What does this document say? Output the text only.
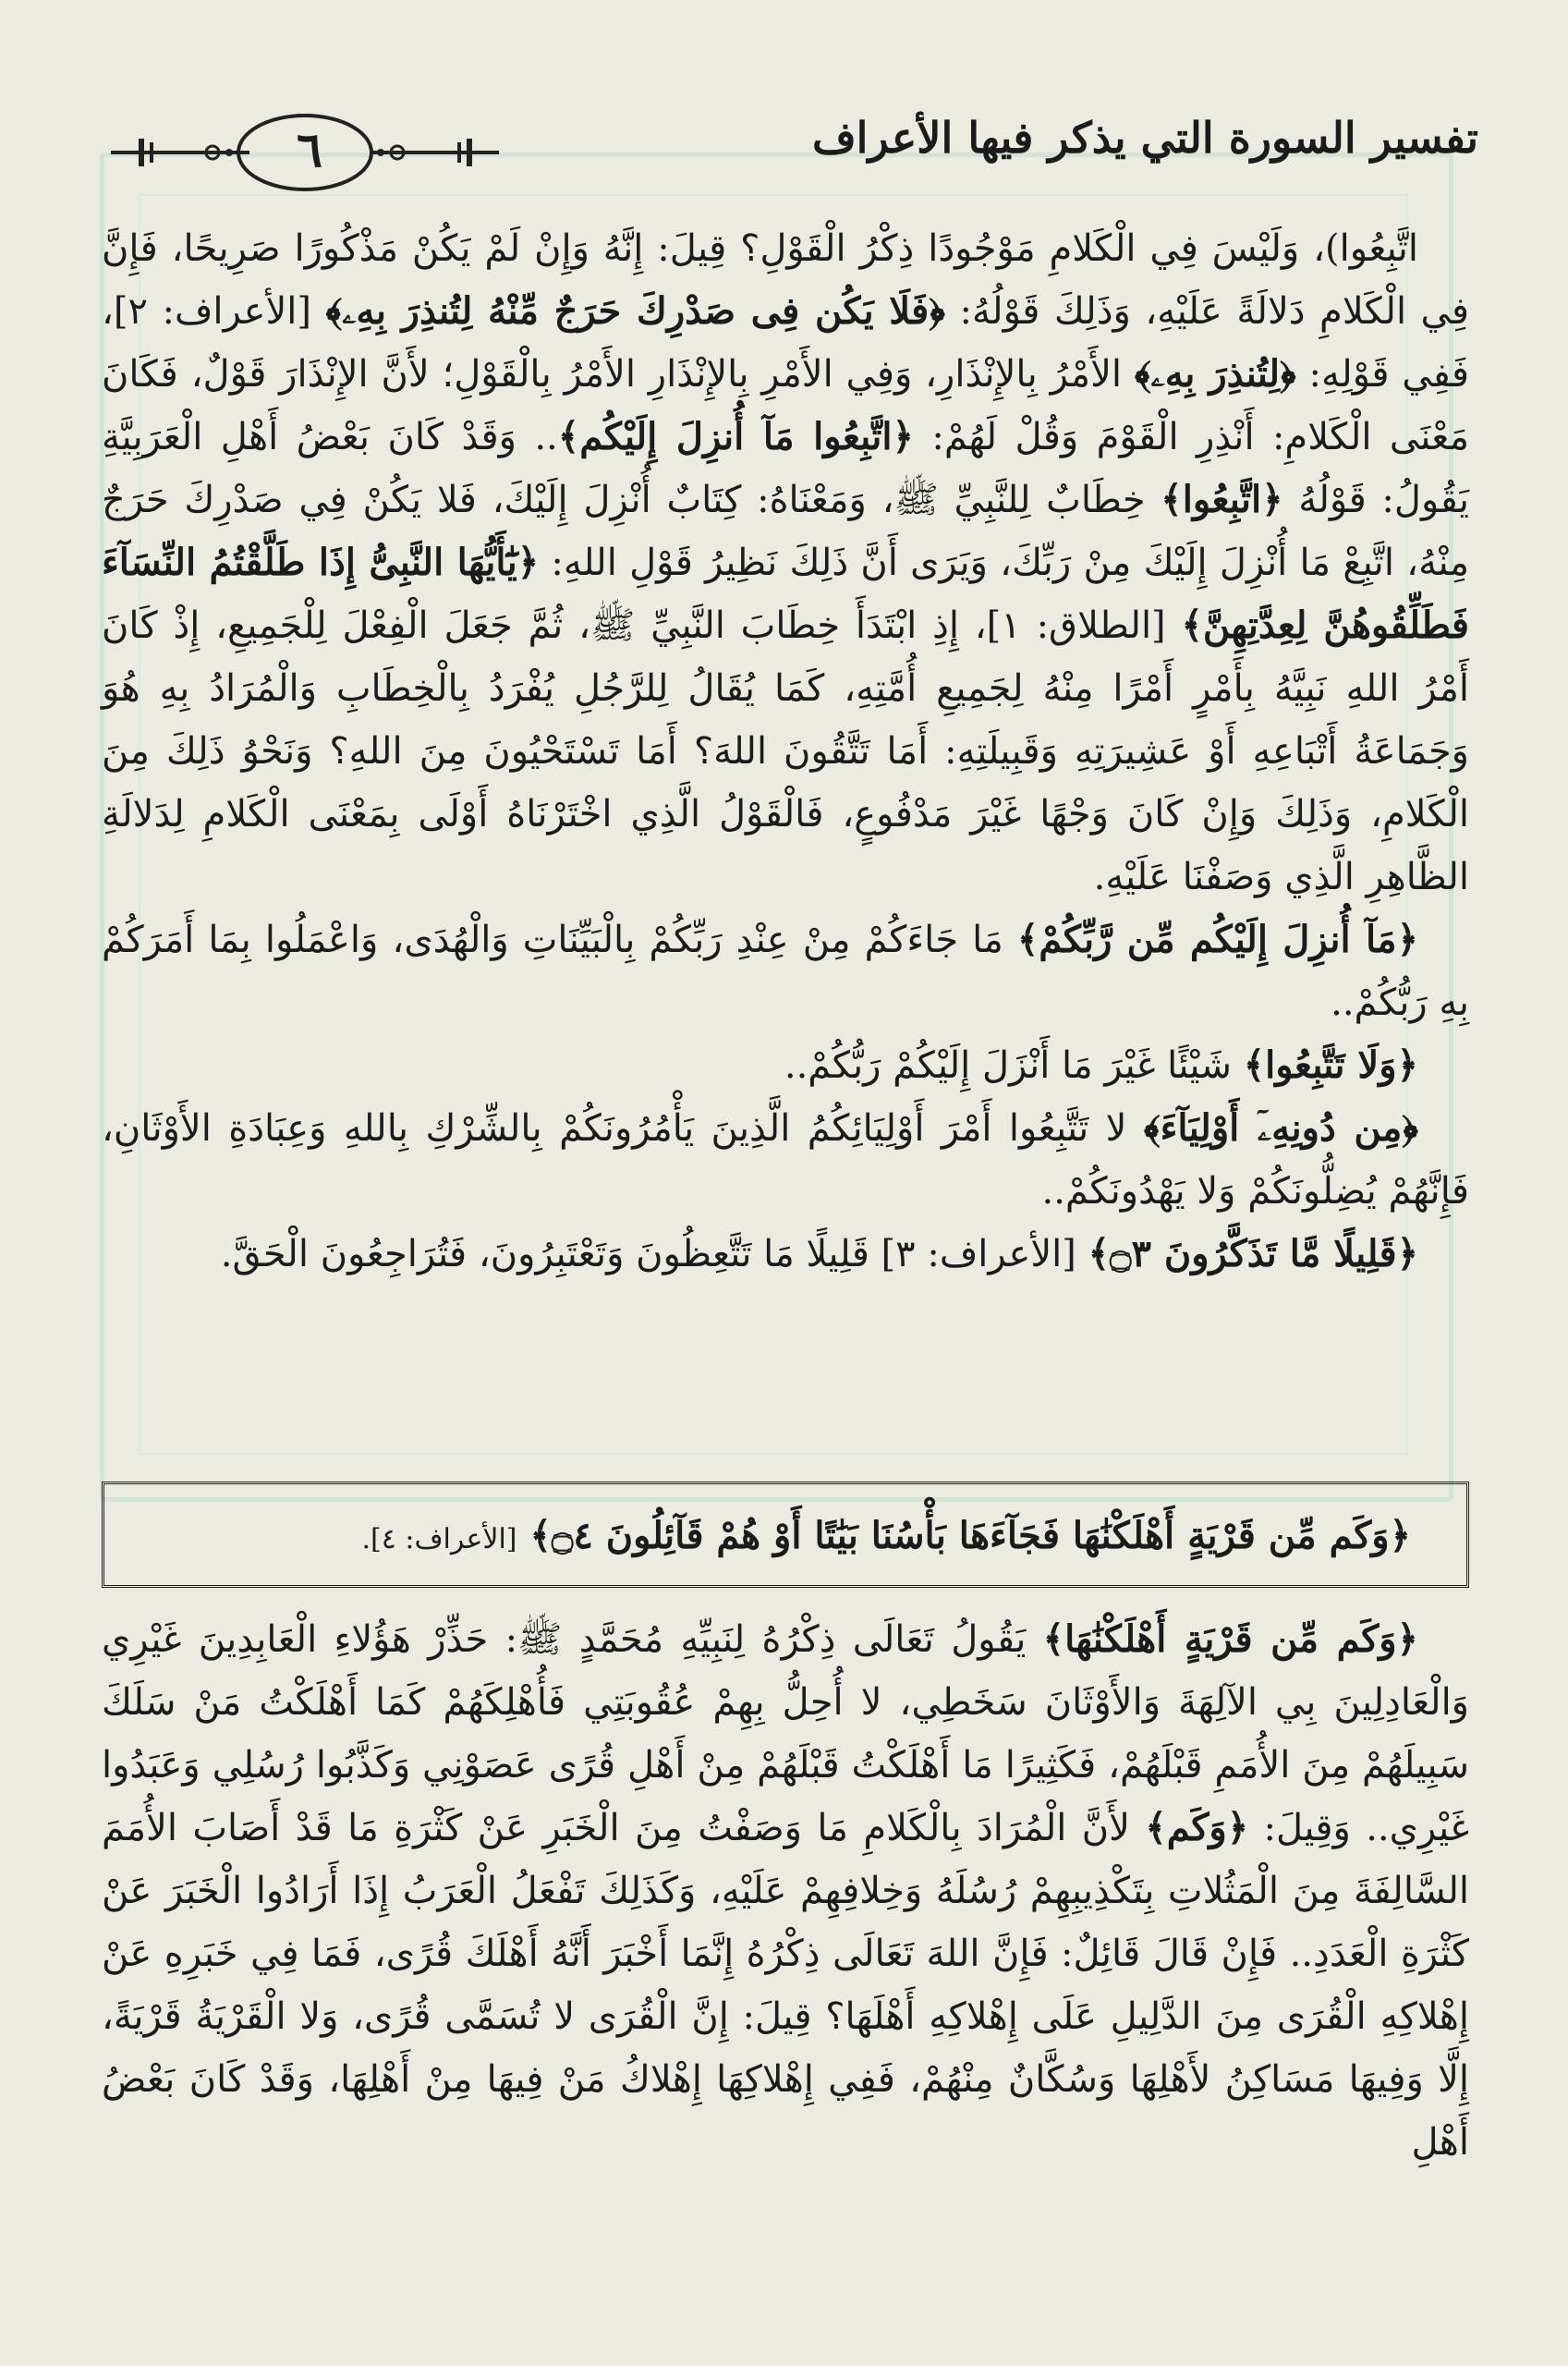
تفسير السورة التي يذكر فيها الأعراف
٦

اتَّبِعُوا)، وَلَيْسَ فِي الْكَلامِ مَوْجُودًا ذِكْرُ الْقَوْلِ؟ قِيلَ: إِنَّهُ وَإِنْ لَمْ يَكُنْ مَذْكُورًا صَرِيحًا، فَإِنَّ فِي الْكَلامِ دَلالَةً عَلَيْهِ، وَذَلِكَ قَوْلُهُ: ﴿فَلَا يَكُن فِى صَدْرِكَ حَرَجٌ مِّنْهُ لِتُنذِرَ بِهِۦ﴾ [الأعراف: ٢]، فَفِي قَوْلِهِ: ﴿لِتُنذِرَ بِهِۦ﴾ الأَمْرُ بِالإِنْذَارِ، وَفِي الأَمْرِ بِالإِنْذَارِ الأَمْرُ بِالْقَوْلِ؛ لأَنَّ الإِنْذَارَ قَوْلٌ، فَكَانَ مَعْنَى الْكَلامِ: أَنْذِرِ الْقَوْمَ وَقُلْ لَهُمْ: ﴿اتَّبِعُوا مَآ أُنزِلَ إِلَيْكُم﴾.. وَقَدْ كَانَ بَعْضُ أَهْلِ الْعَرَبِيَّةِ يَقُولُ: قَوْلُهُ ﴿اتَّبِعُوا﴾ خِطَابٌ لِلنَّبِيِّ ﷺ، وَمَعْنَاهُ: كِتَابٌ أُنْزِلَ إِلَيْكَ، فَلا يَكُنْ فِي صَدْرِكَ حَرَجٌ مِنْهُ، اتَّبِعْ مَا أُنْزِلَ إِلَيْكَ مِنْ رَبِّكَ، وَيَرَى أَنَّ ذَلِكَ نَظِيرُ قَوْلِ اللهِ: ﴿يَٰٓأَيُّهَا النَّبِىُّ إِذَا طَلَّقْتُمُ النِّسَآءَ فَطَلِّقُوهُنَّ لِعِدَّتِهِنَّ﴾ [الطلاق: ١]، إِذِ ابْتَدَأَ خِطَابَ النَّبِيِّ ﷺ، ثُمَّ جَعَلَ الْفِعْلَ لِلْجَمِيعِ، إِذْ كَانَ أَمْرُ اللهِ نَبِيَّهُ بِأَمْرٍ أَمْرًا مِنْهُ لِجَمِيعِ أُمَّتِهِ، كَمَا يُقَالُ لِلرَّجُلِ يُفْرَدُ بِالْخِطَابِ وَالْمُرَادُ بِهِ هُوَ وَجَمَاعَةُ أَتْبَاعِهِ أَوْ عَشِيرَتِهِ وَقَبِيلَتِهِ: أَمَا تَتَّقُونَ اللهَ؟ أَمَا تَسْتَحْيُونَ مِنَ اللهِ؟ وَنَحْوُ ذَلِكَ مِنَ الْكَلامِ، وَذَلِكَ وَإِنْ كَانَ وَجْهًا غَيْرَ مَدْفُوعٍ، فَالْقَوْلُ الَّذِي اخْتَرْنَاهُ أَوْلَى بِمَعْنَى الْكَلامِ لِدَلالَةِ الظَّاهِرِ الَّذِي وَصَفْنَا عَلَيْهِ.

﴿مَآ أُنزِلَ إِلَيْكُم مِّن رَّبِّكُمْ﴾ مَا جَاءَكُمْ مِنْ عِنْدِ رَبِّكُمْ بِالْبَيِّنَاتِ وَالْهُدَى، وَاعْمَلُوا بِمَا أَمَرَكُمْ بِهِ رَبُّكُمْ..

﴿وَلَا تَتَّبِعُوا﴾ شَيْئًا غَيْرَ مَا أَنْزَلَ إِلَيْكُمْ رَبُّكُمْ..

﴿مِن دُونِهِۦٓ أَوْلِيَآءَ﴾ لا تَتَّبِعُوا أَمْرَ أَوْلِيَائِكُمُ الَّذِينَ يَأْمُرُونَكُمْ بِالشِّرْكِ بِاللهِ وَعِبَادَةِ الأَوْثَانِ، فَإِنَّهُمْ يُضِلُّونَكُمْ وَلا يَهْدُونَكُمْ..

﴿قَلِيلًا مَّا تَذَكَّرُونَ ۝٣﴾ [الأعراف: ٣] قَلِيلًا مَا تَتَّعِظُونَ وَتَعْتَبِرُونَ، فَتُرَاجِعُونَ الْحَقَّ.

﴿وَكَم مِّن قَرْيَةٍ أَهْلَكْنَٰهَا فَجَآءَهَا بَأْسُنَا بَيَٰتًا أَوْ هُمْ قَآئِلُونَ ۝٤﴾ [الأعراف: ٤].

﴿وَكَم مِّن قَرْيَةٍ أَهْلَكْنَٰهَا﴾ يَقُولُ تَعَالَى ذِكْرُهُ لِنَبِيِّهِ مُحَمَّدٍ ﷺ: حَذِّرْ هَؤُلاءِ الْعَابِدِينَ غَيْرِي وَالْعَادِلِينَ بِي الآلِهَةَ وَالأَوْثَانَ سَخَطِي، لا أُحِلُّ بِهِمْ عُقُوبَتِي فَأُهْلِكَهُمْ كَمَا أَهْلَكْتُ مَنْ سَلَكَ سَبِيلَهُمْ مِنَ الأُمَمِ قَبْلَهُمْ، فَكَثِيرًا مَا أَهْلَكْتُ قَبْلَهُمْ مِنْ أَهْلِ قُرًى عَصَوْنِي وَكَذَّبُوا رُسُلِي وَعَبَدُوا غَيْرِي.. وَقِيلَ: ﴿وَكَم﴾ لأَنَّ الْمُرَادَ بِالْكَلامِ مَا وَصَفْتُ مِنَ الْخَبَرِ عَنْ كَثْرَةِ مَا قَدْ أَصَابَ الأُمَمَ السَّالِفَةَ مِنَ الْمَثُلاتِ بِتَكْذِيبِهِمْ رُسُلَهُ وَخِلافِهِمْ عَلَيْهِ، وَكَذَلِكَ تَفْعَلُ الْعَرَبُ إِذَا أَرَادُوا الْخَبَرَ عَنْ كَثْرَةِ الْعَدَدِ.. فَإِنْ قَالَ قَائِلٌ: فَإِنَّ اللهَ تَعَالَى ذِكْرُهُ إِنَّمَا أَخْبَرَ أَنَّهُ أَهْلَكَ قُرًى، فَمَا فِي خَبَرِهِ عَنْ إِهْلاكِهِ الْقُرَى مِنَ الدَّلِيلِ عَلَى إِهْلاكِهِ أَهْلَهَا؟ قِيلَ: إِنَّ الْقُرَى لا تُسَمَّى قُرًى، وَلا الْقَرْيَةُ قَرْيَةً، إِلَّا وَفِيهَا مَسَاكِنُ لأَهْلِهَا وَسُكَّانٌ مِنْهُمْ، فَفِي إِهْلاكِهَا إِهْلاكُ مَنْ فِيهَا مِنْ أَهْلِهَا، وَقَدْ كَانَ بَعْضُ أَهْلِ
